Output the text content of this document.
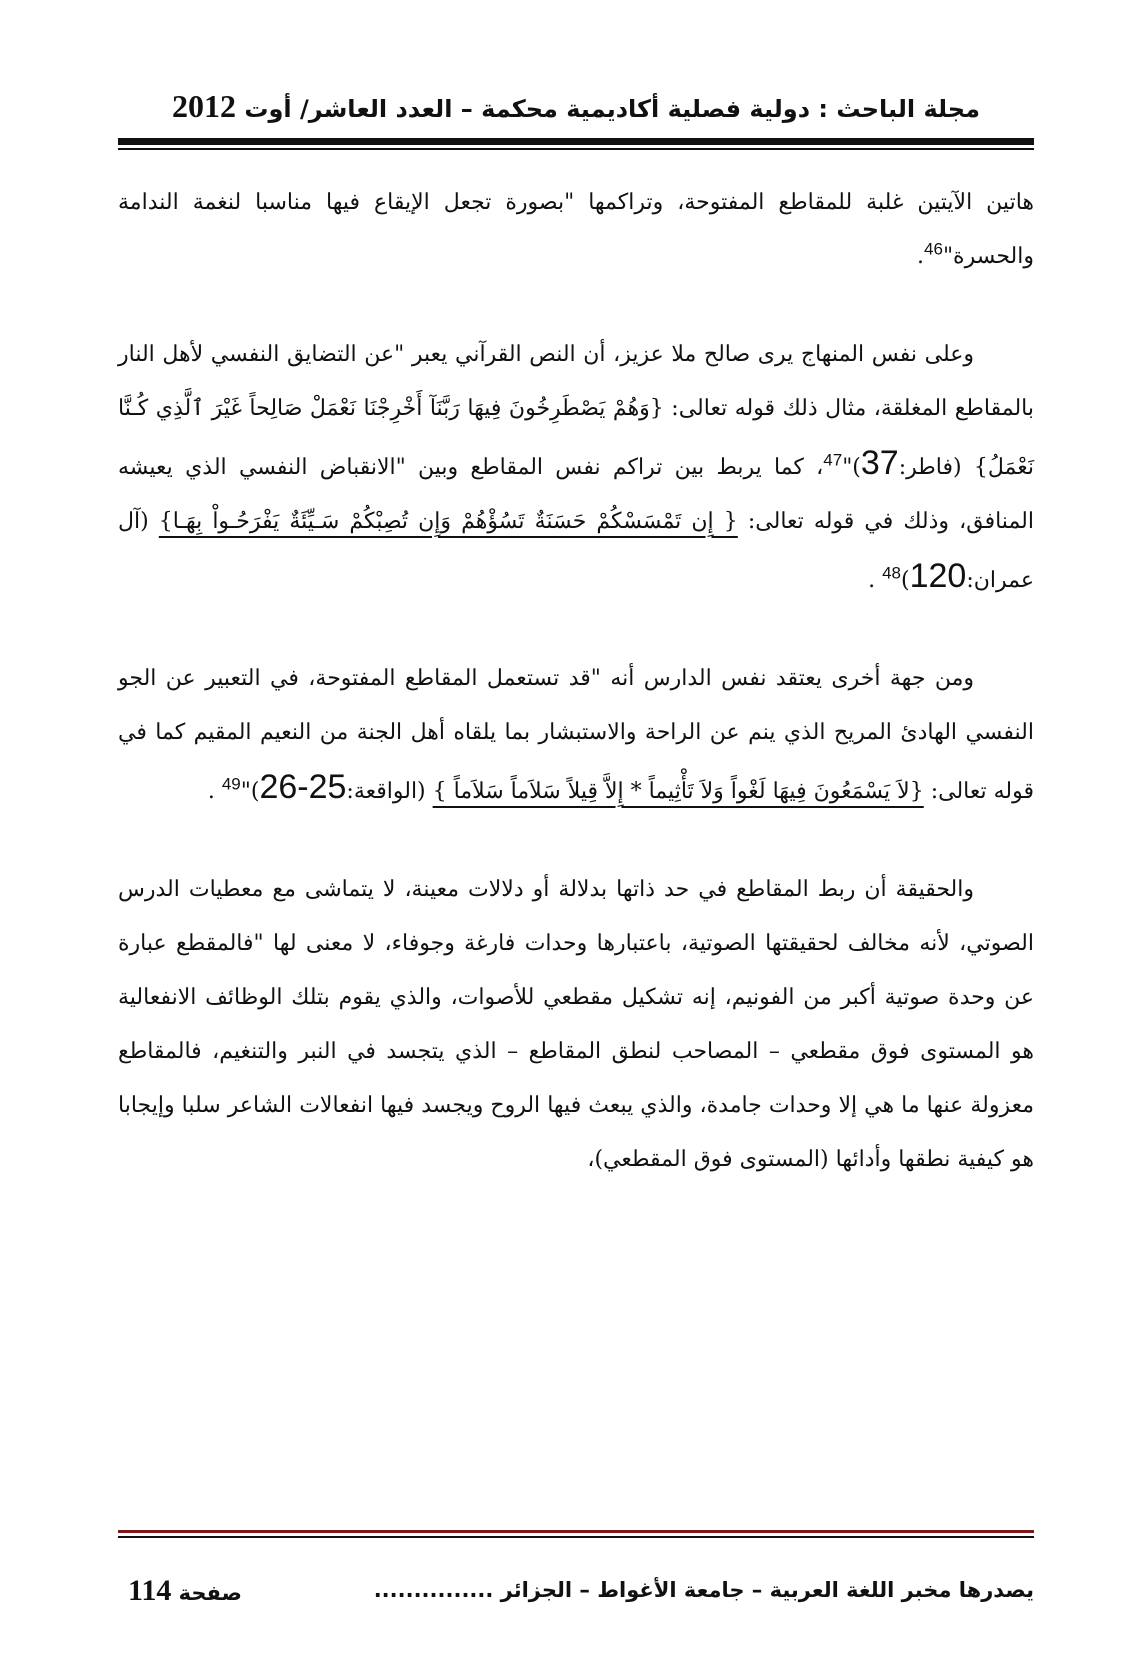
مجلة الباحث : دولية فصلية أكاديمية محكمة – العدد العاشر/ أوت 2012

هاتين الآيتين غلبة للمقاطع المفتوحة، وتراكمها "بصورة تجعل الإيقاع فيها مناسبا لنغمة الندامة والحسرة"$^{46}$.

وعلى نفس المنهاج يرى صالح ملا عزيز، أن النص القرآني يعبر "عن التضايق النفسي لأهل النار بالمقاطع المغلقة، مثال ذلك قوله تعالى: {وَهُمْ يَصْطَرِخُونَ فِيهَا رَبَّنَآ أَخْرِجْنَا نَعْمَلْ صَالِحاً غَيْرَ ٱلَّذِي كُـنَّا نَعْمَلُ} (فاطر:37)"$^{47}$، كما يربط بين تراكم نفس المقاطع وبين "الانقباض النفسي الذي يعيشه المنافق، وذلك في قوله تعالى: { إِن تَمْسَسْكُمْ حَسَنَةٌ تَسُؤْهُمْ وَإِن تُصِبْكُمْ سَـيِّئَةٌ يَفْرَحُـواْ بِهَـا} (آل عمران:120)$^{48}$ .

ومن جهة أخرى يعتقد نفس الدارس أنه "قد تستعمل المقاطع المفتوحة، في التعبير عن الجو النفسي الهادئ المريح الذي ينم عن الراحة والاستبشار بما يلقاه أهل الجنة من النعيم المقيم كما في قوله تعالى: {لاَ يَسْمَعُونَ فِيهَا لَغْواً وَلاَ تَأْثِيماً * إِلاَّ قِيلاً سَلاَماً سَلاَماً } (الواقعة:25-26)"$^{49}$ .

والحقيقة أن ربط المقاطع في حد ذاتها بدلالة أو دلالات معينة، لا يتماشى مع معطيات الدرس الصوتي، لأنه مخالف لحقيقتها الصوتية، باعتبارها وحدات فارغة وجوفاء، لا معنى لها "فالمقطع عبارة عن وحدة صوتية أكبر من الفونيم، إنه تشكيل مقطعي للأصوات، والذي يقوم بتلك الوظائف الانفعالية هو المستوى فوق مقطعي – المصاحب لنطق المقاطع – الذي يتجسد في النبر والتنغيم، فالمقاطع معزولة عنها ما هي إلا وحدات جامدة، والذي يبعث فيها الروح ويجسد فيها انفعالات الشاعر سلبا وإيجابا هو كيفية نطقها وأدائها (المستوى فوق المقطعي)،

يصدرها مخبر اللغة العربية – جامعة الأغواط – الجزائر ...............
صفحة 114
